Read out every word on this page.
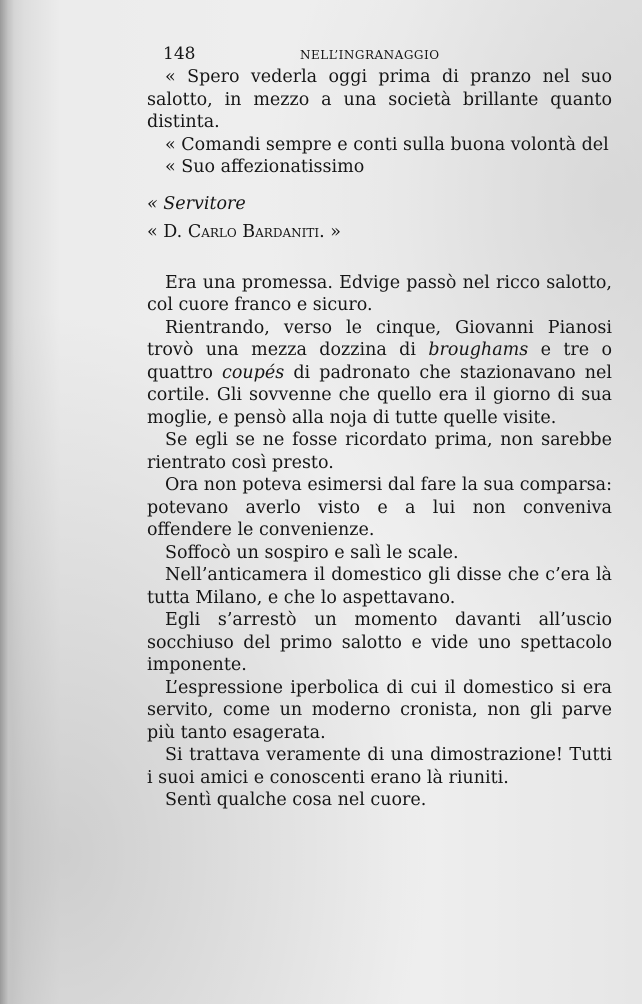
148	NELL’INGRANAGGIO

« Spero vederla oggi prima di pranzo nel suo salotto, in mezzo a una società brillante quanto distinta.

« Comandi sempre e conti sulla buona volontà del

« Suo affezionatissimo

« Servitore

« D. Carlo Bardaniti. »

Era una promessa. Edvige passò nel ricco salotto, col cuore franco e sicuro.

Rientrando, verso le cinque, Giovanni Pianosi trovò una mezza dozzina di broughams e tre o quattro coupés di padronato che stazionavano nel cortile. Gli sovvenne che quello era il giorno di sua moglie, e pensò alla noja di tutte quelle visite.

Se egli se ne fosse ricordato prima, non sarebbe rientrato così presto.

Ora non poteva esimersi dal fare la sua comparsa: potevano averlo visto e a lui non conveniva offendere le convenienze.

Soffocò un sospiro e salì le scale.

Nell’anticamera il domestico gli disse che c’era là tutta Milano, e che lo aspettavano.

Egli s’arrestò un momento davanti all’uscio socchiuso del primo salotto e vide uno spettacolo imponente.

L’espressione iperbolica di cui il domestico si era servito, come un moderno cronista, non gli parve più tanto esagerata.

Si trattava veramente di una dimostrazione! Tutti i suoi amici e conoscenti erano là riuniti.

Sentì qualche cosa nel cuore.
